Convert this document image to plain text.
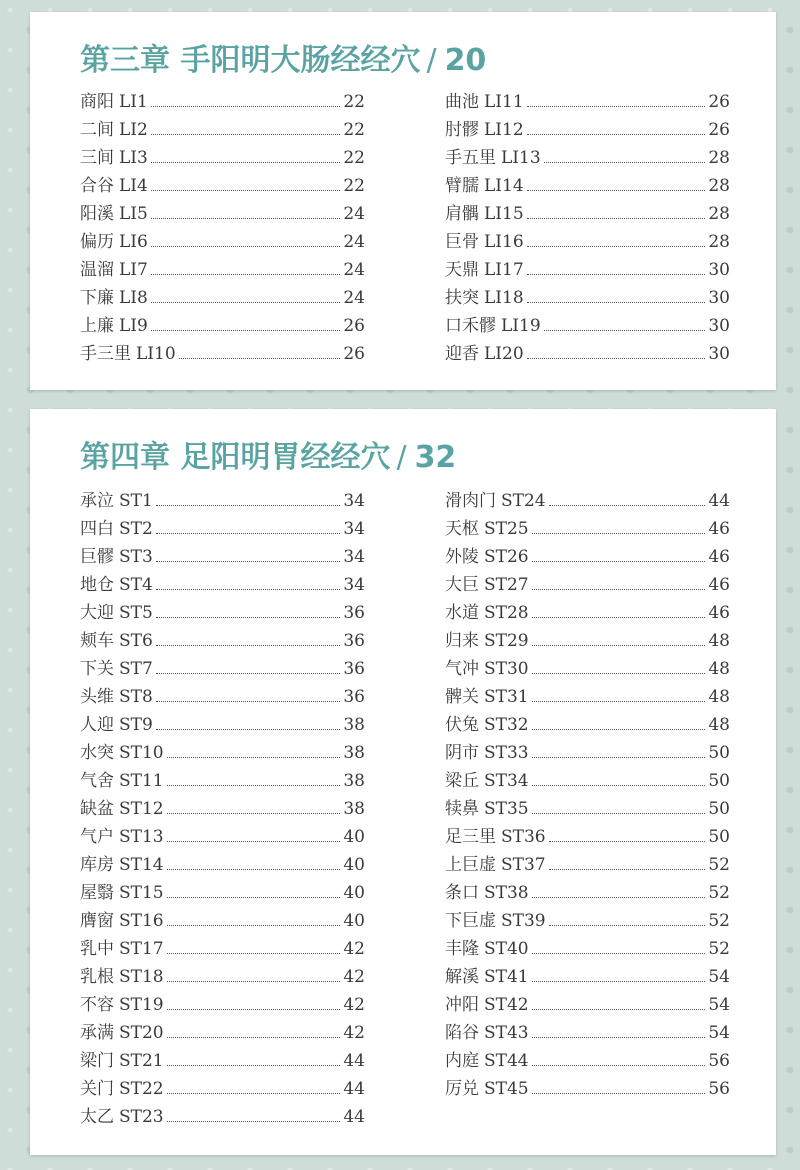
第三章 手阳明大肠经经穴 / 20
商阳 LI1	22
二间 LI2	22
三间 LI3	22
合谷 LI4	22
阳溪 LI5	24
偏历 LI6	24
温溜 LI7	24
下廉 LI8	24
上廉 LI9	26
手三里 LI10	26
曲池 LI11	26
肘髎 LI12	26
手五里 LI13	28
臂臑 LI14	28
肩髃 LI15	28
巨骨 LI16	28
天鼎 LI17	30
扶突 LI18	30
口禾髎 LI19	30
迎香 LI20	30
第四章 足阳明胃经经穴 / 32
承泣 ST1	34
四白 ST2	34
巨髎 ST3	34
地仓 ST4	34
大迎 ST5	36
颊车 ST6	36
下关 ST7	36
头维 ST8	36
人迎 ST9	38
水突 ST10	38
气舍 ST11	38
缺盆 ST12	38
气户 ST13	40
库房 ST14	40
屋翳 ST15	40
膺窗 ST16	40
乳中 ST17	42
乳根 ST18	42
不容 ST19	42
承满 ST20	42
梁门 ST21	44
关门 ST22	44
太乙 ST23	44
滑肉门 ST24	44
天枢 ST25	46
外陵 ST26	46
大巨 ST27	46
水道 ST28	46
归来 ST29	48
气冲 ST30	48
髀关 ST31	48
伏兔 ST32	48
阴市 ST33	50
梁丘 ST34	50
犊鼻 ST35	50
足三里 ST36	50
上巨虚 ST37	52
条口 ST38	52
下巨虚 ST39	52
丰隆 ST40	52
解溪 ST41	54
冲阳 ST42	54
陷谷 ST43	54
内庭 ST44	56
厉兑 ST45	56
